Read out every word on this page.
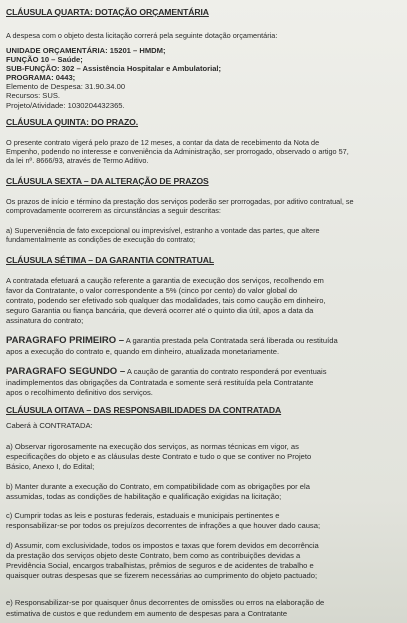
CLÁUSULA QUARTA: DOTAÇÃO ORÇAMENTÁRIA
A despesa com o objeto desta licitação correrá pela seguinte dotação orçamentária:
UNIDADE ORÇAMENTÁRIA: 15201 – HMDM;
FUNÇÃO 10 – Saúde;
SUB-FUNÇÃO: 302 – Assistência Hospitalar e Ambulatorial;
PROGRAMA: 0443;
Elemento de Despesa: 31.90.34.00
Recursos: SUS.
Projeto/Atividade: 1030204432365.
CLÁUSULA QUINTA: DO PRAZO.
O presente contrato vigerá pelo prazo de 12 meses, a contar da data de recebimento da Nota de
Empenho, podendo no interesse e conveniência da Administração, ser prorrogado, observado o artigo 57,
da lei nº. 8666/93, através de Termo Aditivo.
CLÁUSULA SEXTA – DA ALTERAÇÃO DE PRAZOS
Os prazos de início e término da prestação dos serviços poderão ser prorrogadas, por aditivo contratual, se
comprovadamente ocorrerem as circunstâncias a seguir descritas:
a) Superveniência de fato excepcional ou imprevisível, estranho a vontade das partes, que altere
fundamentalmente as condições de execução do contrato;
CLÁUSULA SÉTIMA – DA GARANTIA CONTRATUAL
A contratada efetuará a caução referente a garantia de execução dos serviços, recolhendo em
favor da Contratante, o valor correspondente a 5% (cinco por cento) do valor global do
contrato, podendo ser efetivado sob qualquer das modalidades, tais como caução em dinheiro,
seguro Garantia ou fiança bancária, que deverá ocorrer até o quinto dia útil, apos a data da
assinatura do contrato;
PARÁGRAFO PRIMEIRO – A garantia prestada pela Contratada será liberada ou restituída
apos a execução do contrato e, quando em dinheiro, atualizada monetariamente.
PARÁGRAFO SEGUNDO – A caução de garantia do contrato responderá por eventuais
inadimplementos das obrigações da Contratada e somente será restituída pela Contratante
apos o recolhimento definitivo dos serviços.
CLÁUSULA OITAVA – DAS RESPONSABILIDADES DA CONTRATADA
Caberá à CONTRATADA:
a) Observar rigorosamente na execução dos serviços, as normas técnicas em vigor, as
especificações do objeto e as cláusulas deste Contrato e tudo o que se contiver no Projeto
Básico, Anexo I, do Edital;
b) Manter durante a execução do Contrato, em compatibilidade com as obrigações por ela
assumidas, todas as condições de habilitação e qualificação exigidas na licitação;
c) Cumprir todas as leis e posturas federais, estaduais e municipais pertinentes e
responsabilizar-se por todos os prejuízos decorrentes de infrações a que houver dado causa;
d) Assumir, com exclusividade, todos os impostos e taxas que forem devidos em decorrência
da prestação dos serviços objeto deste Contrato, bem como as contribuições devidas a
Previdência Social, encargos trabalhistas, prêmios de seguros e de acidentes de trabalho e
quaisquer outras despesas que se fizerem necessárias ao cumprimento do objeto pactuado;
e) Responsabilizar-se por quaisquer ônus decorrentes de omissões ou erros na elaboração de
estimativa de custos e que redundem em aumento de despesas para a Contratante
